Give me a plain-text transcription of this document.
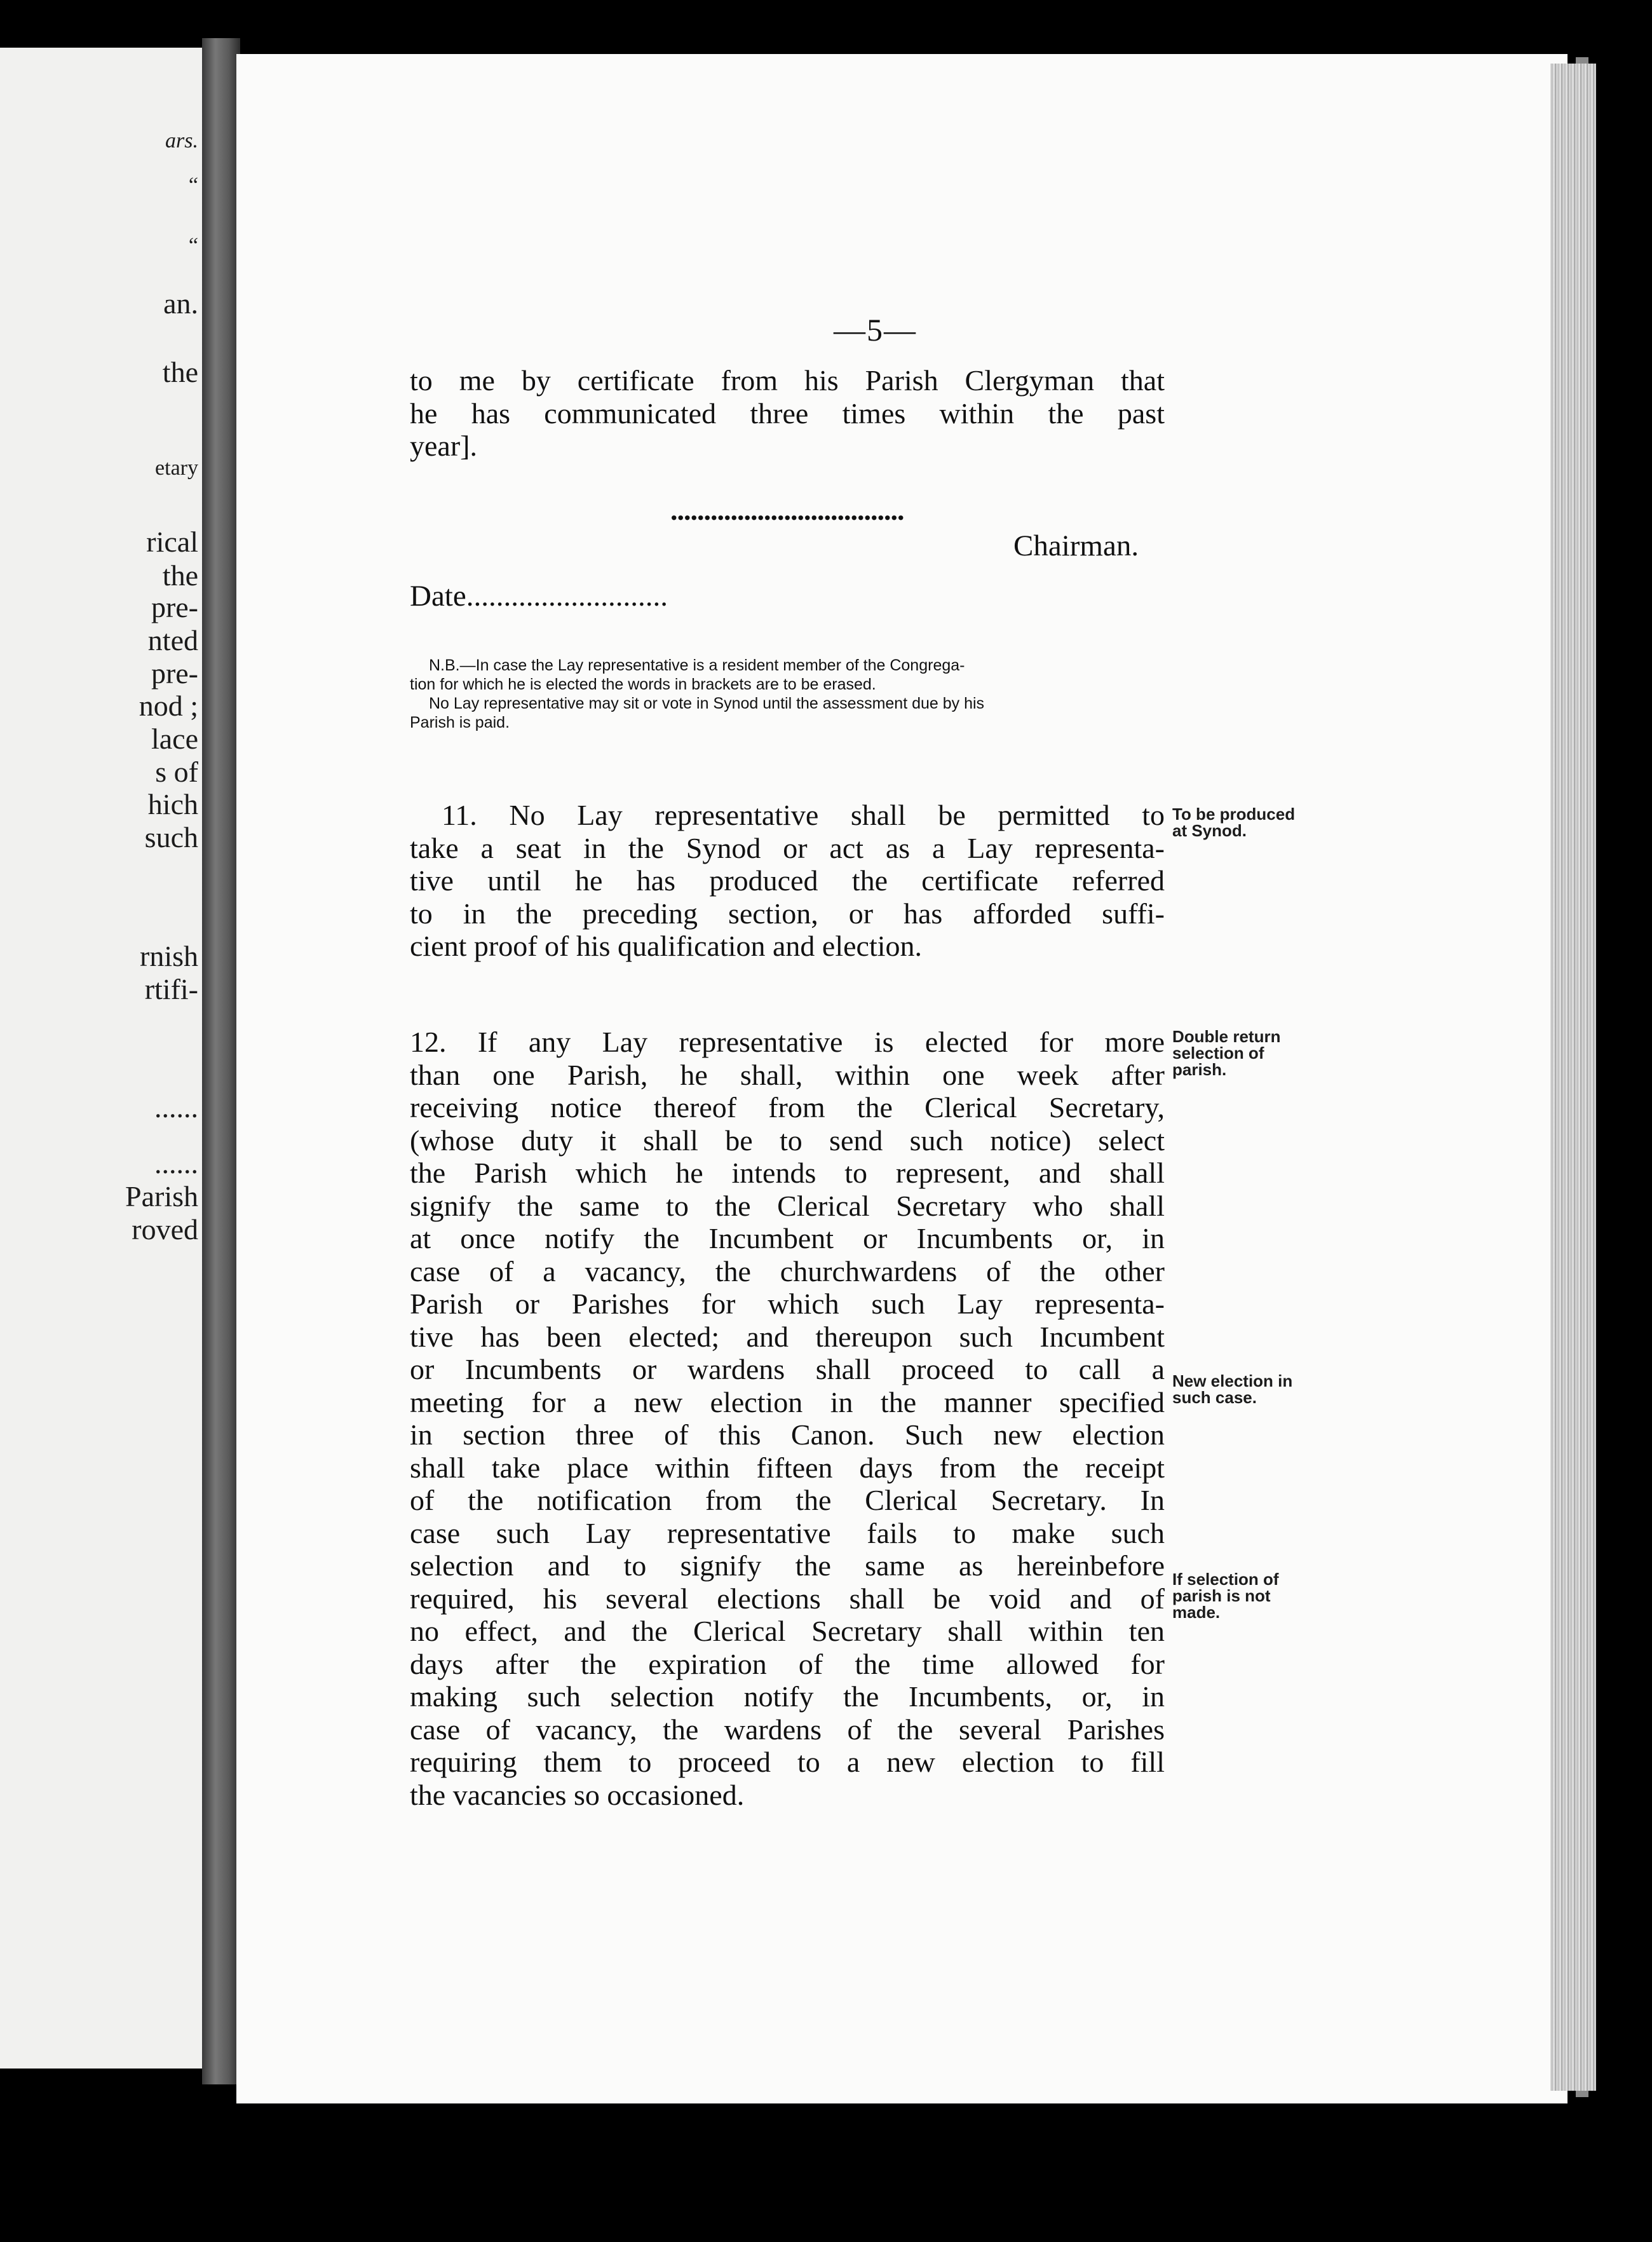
ars.
“
“
an.
the
etary
rical
the
pre-
nted
pre-
nod ;
lace
s of
hich
such
rnish
rtifi-
......
......
Parish
roved
—5—
to me by certificate from his Parish Clergyman that
he has communicated three times within the past
year].
...................................
Chairman.
Date...........................
N.B.—In case the Lay representative is a resident member of the Congrega-
tion for which he is elected the words in brackets are to be erased.
No Lay representative may sit or vote in Synod until the assessment due by his
Parish is paid.
11. No Lay representative shall be permitted to
take a seat in the Synod or act as a Lay representa-
tive until he has produced the certificate referred
to in the preceding section, or has afforded suffi-
cient proof of his qualification and election.
12. If any Lay representative is elected for more
than one Parish, he shall, within one week after
receiving notice thereof from the Clerical Secretary,
(whose duty it shall be to send such notice) select
the Parish which he intends to represent, and shall
signify the same to the Clerical Secretary who shall
at once notify the Incumbent or Incumbents or, in
case of a vacancy, the churchwardens of the other
Parish or Parishes for which such Lay representa-
tive has been elected; and thereupon such Incumbent
or Incumbents or wardens shall proceed to call a
meeting for a new election in the manner specified
in section three of this Canon. Such new election
shall take place within fifteen days from the receipt
of the notification from the Clerical Secretary. In
case such Lay representative fails to make such
selection and to signify the same as hereinbefore
required, his several elections shall be void and of
no effect, and the Clerical Secretary shall within ten
days after the expiration of the time allowed for
making such selection notify the Incumbents, or, in
case of vacancy, the wardens of the several Parishes
requiring them to proceed to a new election to fill
the vacancies so occasioned.
To be produced
at Synod.
Double return
selection of
parish.
New election in
such case.
If selection of
parish is not
made.
